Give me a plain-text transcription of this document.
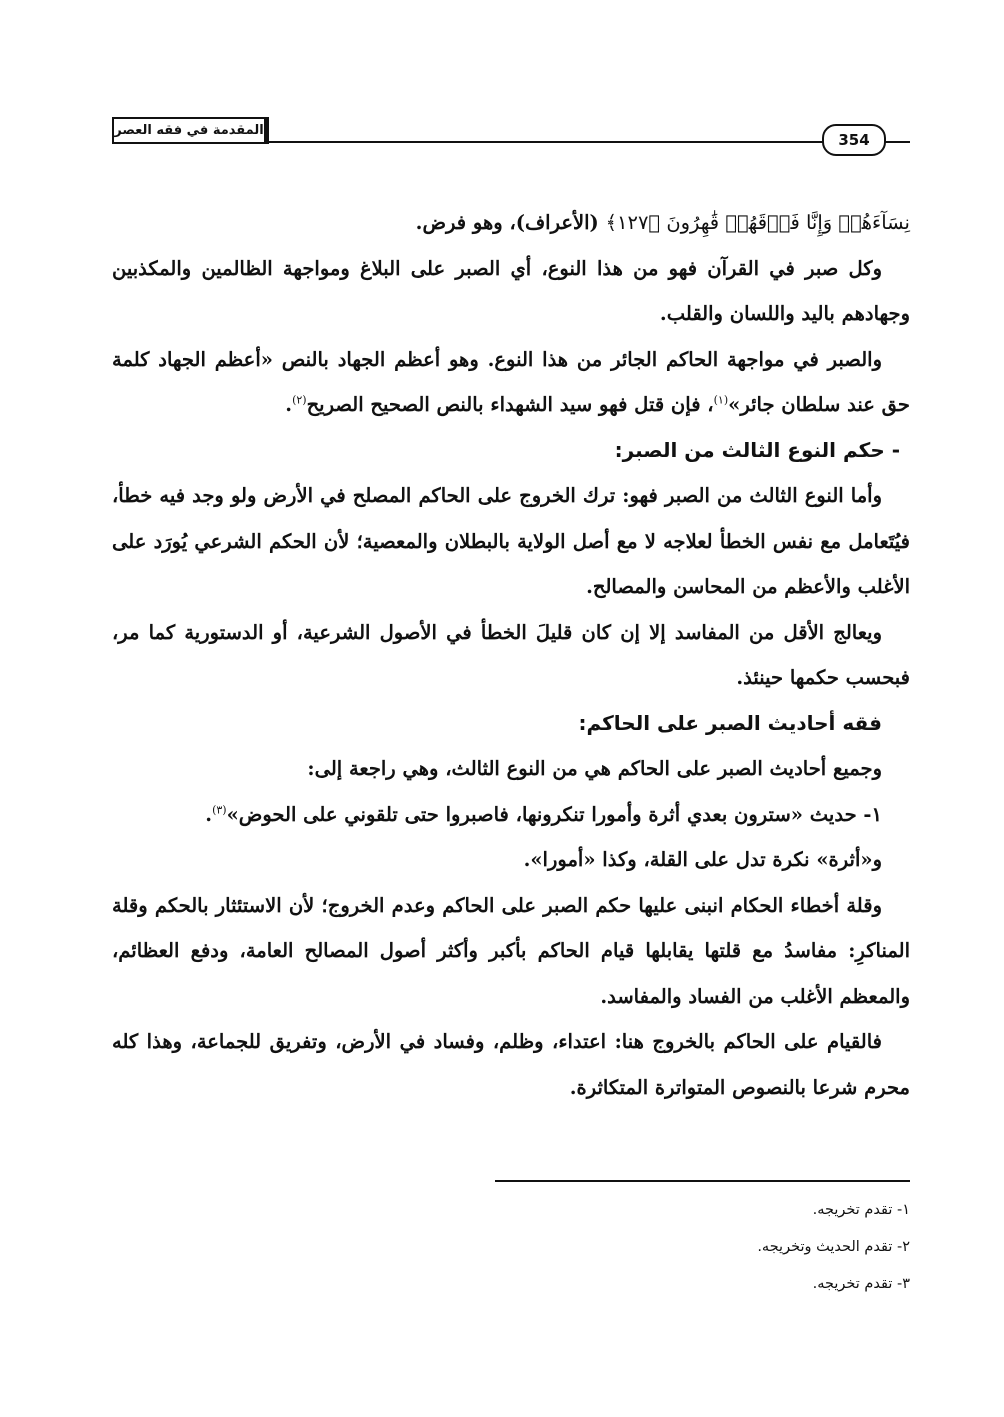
المقدمة في فقه العصر
354

نِسَآءَهُمۡ وَإِنَّا فَوۡقَهُمۡ قَٰهِرُونَ ﴿١٢٧﴾ (الأعراف)، وهو فرض.

وكل صبر في القرآن فهو من هذا النوع، أي الصبر على البلاغ ومواجهة الظالمين والمكذبين وجهادهم باليد واللسان والقلب.

والصبر في مواجهة الحاكم الجائر من هذا النوع. وهو أعظم الجهاد بالنص «أعظم الجهاد كلمة حق عند سلطان جائر»$^{(١)}$، فإن قتل فهو سيد الشهداء بالنص الصحيح الصريح$^{(٢)}$.

- حكم النوع الثالث من الصبر:

وأما النوع الثالث من الصبر فهو: ترك الخروج على الحاكم المصلح في الأرض ولو وجد فيه خطأ، فيُتَعامل مع نفس الخطأ لعلاجه لا مع أصل الولاية بالبطلان والمعصية؛ لأن الحكم الشرعي يُورَد على الأغلب والأعظم من المحاسن والمصالح.

ويعالج الأقل من المفاسد إلا إن كان قليلَ الخطأ في الأصول الشرعية، أو الدستورية كما مر، فبحسب حكمها حينئذ.

فقه أحاديث الصبر على الحاكم:

وجميع أحاديث الصبر على الحاكم هي من النوع الثالث، وهي راجعة إلى:

١- حديث «سترون بعدي أثرة وأمورا تنكرونها، فاصبروا حتى تلقوني على الحوض»$^{(٣)}$.

و«أثرة» نكرة تدل على القلة، وكذا «أمورا».

وقلة أخطاء الحكام انبنى عليها حكم الصبر على الحاكم وعدم الخروج؛ لأن الاستئثار بالحكم وقلة المناكرِ: مفاسدُ مع قلتها يقابلها قيام الحاكم بأكبر وأكثر أصول المصالح العامة، ودفع العظائم، والمعظم الأغلب من الفساد والمفاسد.

فالقيام على الحاكم بالخروج هنا: اعتداء، وظلم، وفساد في الأرض، وتفريق للجماعة، وهذا كله محرم شرعا بالنصوص المتواترة المتكاثرة.

١- تقدم تخريجه.
٢- تقدم الحديث وتخريجه.
٣- تقدم تخريجه.
